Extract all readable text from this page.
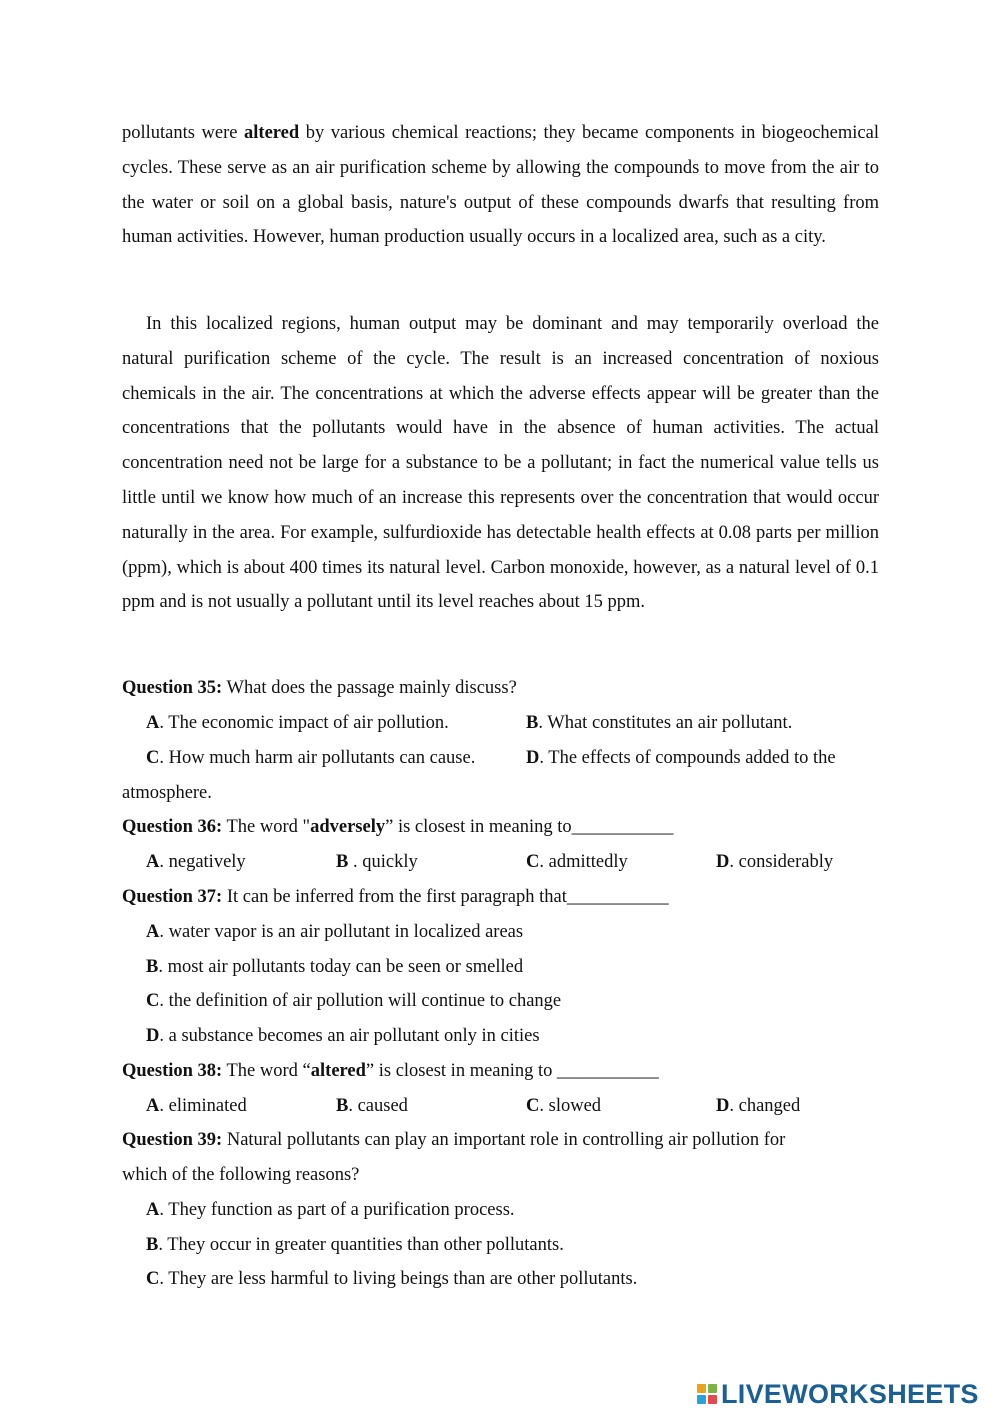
pollutants were altered by various chemical reactions; they became components in biogeochemical cycles. These serve as an air purification scheme by allowing the compounds to move from the air to the water or soil on a global basis, nature's output of these compounds dwarfs that resulting from human activities. However, human production usually occurs in a localized area, such as a city.

In this localized regions, human output may be dominant and may temporarily overload the natural purification scheme of the cycle. The result is an increased concentration of noxious chemicals in the air. The concentrations at which the adverse effects appear will be greater than the concentrations that the pollutants would have in the absence of human activities. The actual concentration need not be large for a substance to be a pollutant; in fact the numerical value tells us little until we know how much of an increase this represents over the concentration that would occur naturally in the area. For example, sulfurdioxide has detectable health effects at 0.08 parts per million (ppm), which is about 400 times its natural level. Carbon monoxide, however, as a natural level of 0.1 ppm and is not usually a pollutant until its level reaches about 15 ppm.

Question 35: What does the passage mainly discuss?
A. The economic impact of air pollution.	B. What constitutes an air pollutant.
C. How much harm air pollutants can cause.	D. The effects of compounds added to the
atmosphere.
Question 36: The word "adversely” is closest in meaning to___________
A. negatively	B . quickly	C. admittedly	D. considerably
Question 37: It can be inferred from the first paragraph that___________
A. water vapor is an air pollutant in localized areas
B. most air pollutants today can be seen or smelled
C. the definition of air pollution will continue to change
D. a substance becomes an air pollutant only in cities
Question 38: The word “altered” is closest in meaning to ___________
A. eliminated	B. caused	C. slowed	D. changed
Question 39: Natural pollutants can play an important role in controlling air pollution for
which of the following reasons?
A. They function as part of a purification process.
B. They occur in greater quantities than other pollutants.
C. They are less harmful to living beings than are other pollutants.
LIVEWORKSHEETS
